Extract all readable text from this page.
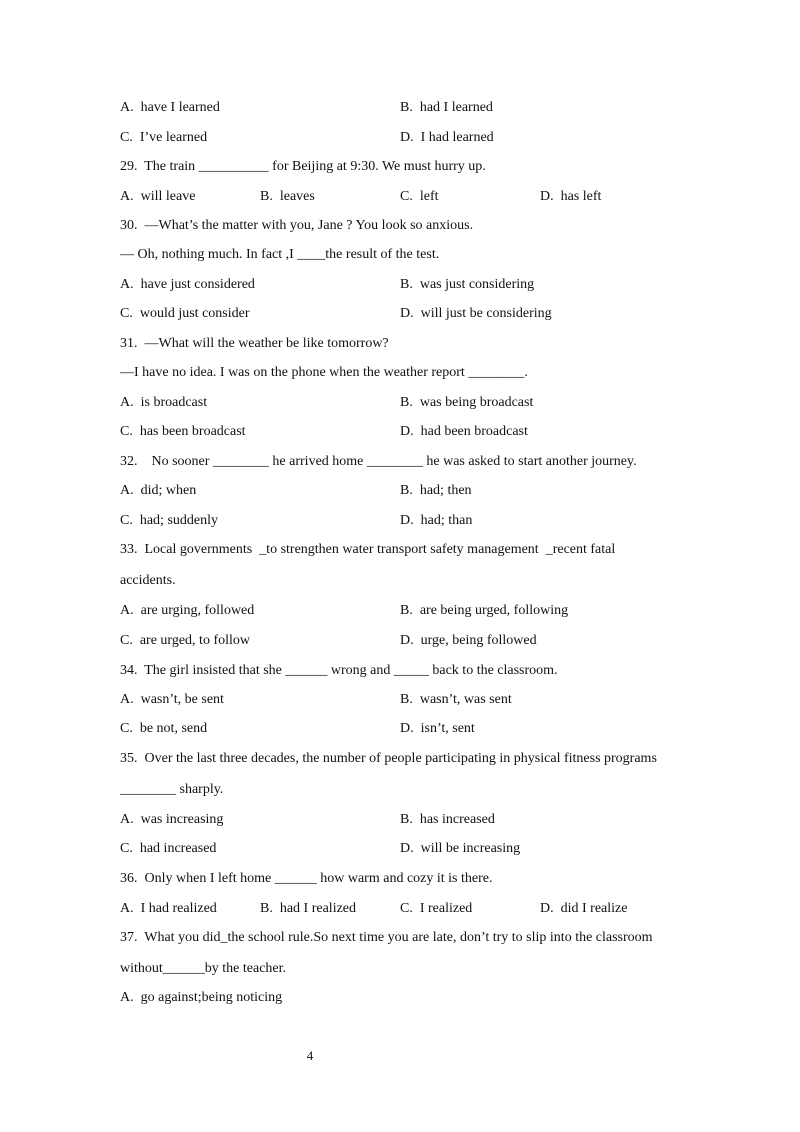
A.  have I learned	B.  had I learned
C.  I’ve learned	D.  I had learned
29.  The train __________ for Beijing at 9:30. We must hurry up.
A.  will leave	B.  leaves	C.  left	D.  has left
30.  —What’s the matter with you, Jane ? You look so anxious.
— Oh, nothing much. In fact ,I ____the result of the test.
A.  have just considered	B.  was just considering
C.  would just consider	D.  will just be considering
31.  —What will the weather be like tomorrow?
—I have no idea. I was on the phone when the weather report ________.
A.  is broadcast	B.  was being broadcast
C.  has been broadcast	D.  had been broadcast
32.    No sooner ________ he arrived home ________ he was asked to start another journey.
A.  did; when	B.  had; then
C.  had; suddenly	D.  had; than
33.  Local governments  _to strengthen water transport safety management  _recent fatal
accidents.
A.  are urging, followed	B.  are being urged, following
C.  are urged, to follow	D.  urge, being followed
34.  The girl insisted that she ______ wrong and _____ back to the classroom.
A.  wasn’t, be sent	B.  wasn’t, was sent
C.  be not, send	D.  isn’t, sent
35.  Over the last three decades, the number of people participating in physical fitness programs
________ sharply.
A.  was increasing	B.  has increased
C.  had increased	D.  will be increasing
36.  Only when I left home ______ how warm and cozy it is there.
A.  I had realized	B.  had I realized	C.  I realized	D.  did I realize
37.  What you did_the school rule.So next time you are late, don’t try to slip into the classroom
without______by the teacher.
A.  go against;being noticing
4
